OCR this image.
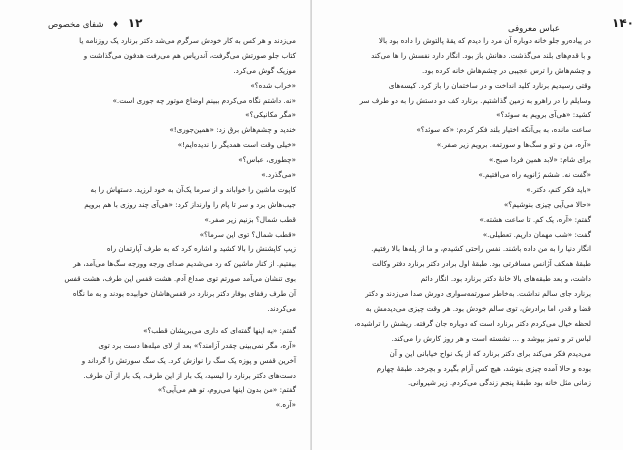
۱۲ ♦ شفای مخصوص
می‌زدند و هر کس به کار خودش سرگرم می‌شد دکتر برنارد یک روزنامه یا
کتاب جلو صورتش می‌گرفت، آندریاس هم می‌رفت هدفون می‌گذاشت و
موزیک گوش می‌کرد.
«خراب شده؟»
«نه. داشتم نگاه می‌کردم ببینم اوضاع موتور چه جوری است.»
«مگر مکانیکی؟»
خندید و چشم‌هاش برق زد: «همین‌جوری!»
«خیلی وقت است همدیگر را ندیده‌ایم!»
«چطوری، عباس؟»
«می‌گذرد.»
کاپوت ماشین را خواباند و از سرما یک‌آن به خود لرزید. دستهاش را به
جیب‌هاش برد و سر تا پام را وارنداز کرد: «هی‌آی چند روزی با هم برویم
قطب شمال؟ بزنیم زیر صفر.»
«قطب شمال؟ توی این سرما؟»
زیپ کاپشنش را بالا کشید و اشاره کرد که به طرف آپارتمان راه
بیفتیم. از کنار ماشین که رد می‌شدیم صدای ورجه وورجه سگ‌ها می‌آمد، هر
بوی تنشان می‌آمد صورتم توی صداع آدم. هشت قفس این طرف، هشت قفس
آن طرف رفقای بوفار دکتر برنارد در قفس‌هاشان خوابیده بودند و به ما نگاه
می‌کردند.
گفتم: «به اینها گفته‌ای که داری می‌بریشان قطب؟»
«آره، مگر نمی‌بینی چقدر آزامند؟» بعد از لای میله‌ها دست برد توی
آخرین قفس و پوزه یک سگ را نوازش کرد. یک سگ سورتش را گرداند و
دست‌های دکتر برنارد را لیسید، یک بار از این طرف، یک بار از آن طرف.
گفتم: «من بدون اینها می‌روم، تو هم می‌آیی؟»
«آره.»
۱۴۰
عباس معروفی
در پیاده‌رو جلو خانه دوباره آن مرد را دیدم که یقهٔ پالتوش را داده بود بالا
و با قدم‌های بلند می‌گذشت. دهانش باز بود. انگار دارد نفسش را ها می‌کند
و چشم‌هاش را ترس عجیبی در چشم‌هاش خانه کرده بود.
وقتی رسیدیم برنارد کلید انداخت و در ساختمان را باز کرد. کیسه‌های
وسایلم را در راهرو به زمین گذاشتیم. برنارد کف دو دستش را به دو طرف سر
کشید: «هی‌آی برویم به سوئد؟»
ساعت مانده، به بی‌آنکه اختیار بلند فکر کردم: «که سوئد؟»
«آره، من و تو و سگ‌ها و سورتمه. برویم زیر صفر.»
برای شام: «لابد همین فردا صبح.»
«گفت نه. ششم ژانویه راه می‌افتیم.»
«باید فکر کنم، دکتر.»
«حالا می‌آیی چیزی بنوشیم؟»
گفتم: «آره، یک کم. تا ساعت هشته.»
گفت: «شب مهمان داریم. تعطیلی.»
انگار دنیا را به من داده باشند. نفس راحتی کشیدم، و ما از پله‌ها بالا رفتیم.
طبقهٔ همکف آژانس مسافرتی بود. طبقهٔ اول برادر دکتر برنارد دفتر وکالت
داشت، و بعد طبقه‌های بالا خانهٔ دکتر برنارد بود. انگار دائم
برنارد جای سالم نداشت. به‌خاطر سورتمه‌سواری دورش صدا می‌زدند و دکتر
قضا و قدر، اما برادرش، توی سالم خودش بود. هر وقت چیزی می‌دیدمش به
لحظه خیال می‌کردم دکتر برنارد است که دوباره جان گرفته. ریشش را تراشیده،
لباس تر و تمیز بپوشد و ... نشسته است و هر روز کارش را می‌کند.
می‌دیدم فکر می‌کند برای دکتر برنارد که از یک نواح خیابانی این و آن
بوده و حالا آمده چیزی بنوشد، هیچ کس آرام بگیرد و بچرخد. طبقهٔ چهارم
زمانی مثل خانه بود طبقهٔ پنجم زندگی می‌کردم. زیر شیروانی.
